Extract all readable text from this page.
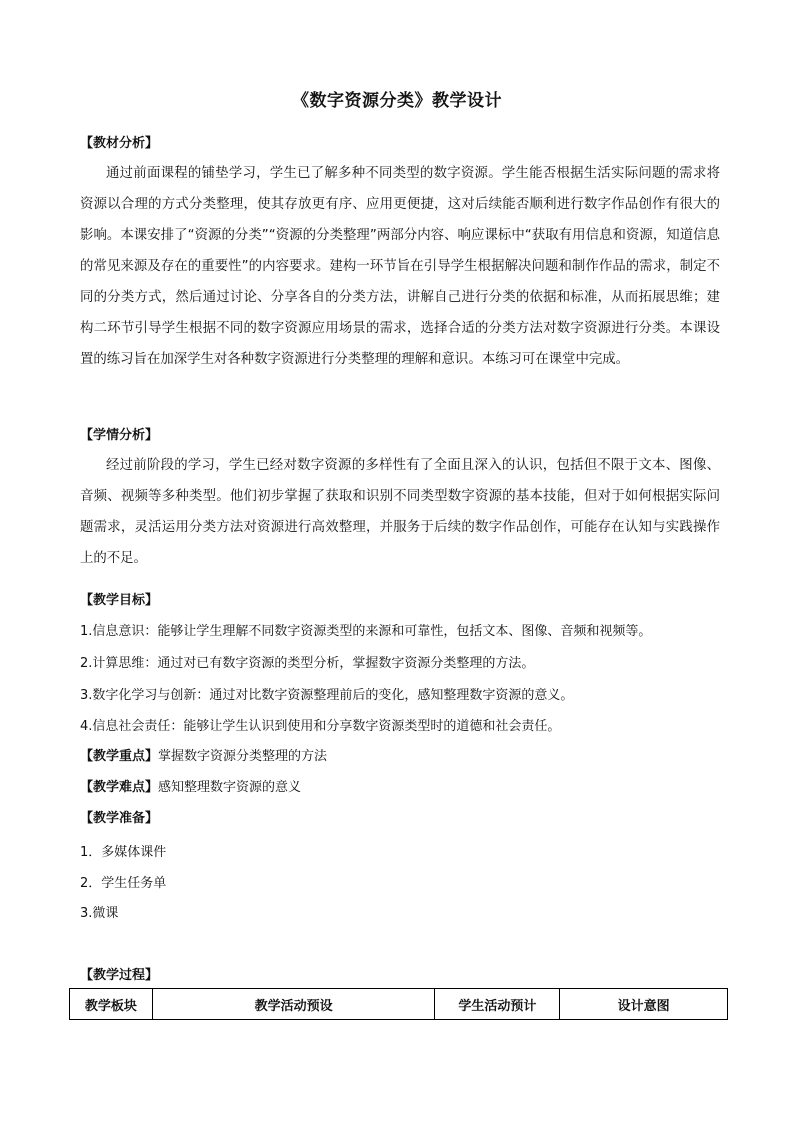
《数字资源分类》教学设计
【教材分析】
通过前面课程的铺垫学习，学生已了解多种不同类型的数字资源。学生能否根据生活实际问题的需求将资源以合理的方式分类整理，使其存放更有序、应用更便捷，这对后续能否顺利进行数字作品创作有很大的影响。本课安排了“资源的分类”“资源的分类整理”两部分内容、响应课标中“获取有用信息和资源，知道信息的常见来源及存在的重要性”的内容要求。建构一环节旨在引导学生根据解决问题和制作作品的需求，制定不同的分类方式，然后通过讨论、分享各自的分类方法，讲解自己进行分类的依据和标准，从而拓展思维；建构二环节引导学生根据不同的数字资源应用场景的需求，选择合适的分类方法对数字资源进行分类。本课设置的练习旨在加深学生对各种数字资源进行分类整理的理解和意识。本练习可在课堂中完成。
【学情分析】
经过前阶段的学习，学生已经对数字资源的多样性有了全面且深入的认识，包括但不限于文本、图像、音频、视频等多种类型。他们初步掌握了获取和识别不同类型数字资源的基本技能，但对于如何根据实际问题需求，灵活运用分类方法对资源进行高效整理，并服务于后续的数字作品创作，可能存在认知与实践操作上的不足。
【教学目标】
1.信息意识：能够让学生理解不同数字资源类型的来源和可靠性，包括文本、图像、音频和视频等。
2.计算思维：通过对已有数字资源的类型分析，掌握数字资源分类整理的方法。
3.数字化学习与创新：通过对比数字资源整理前后的变化，感知整理数字资源的意义。
4.信息社会责任：能够让学生认识到使用和分享数字资源类型时的道德和社会责任。
【教学重点】掌握数字资源分类整理的方法
【教学难点】感知整理数字资源的意义
【教学准备】
1．多媒体课件
2．学生任务单
3.微课
【教学过程】
教学板块	教学活动预设	学生活动预计	设计意图
